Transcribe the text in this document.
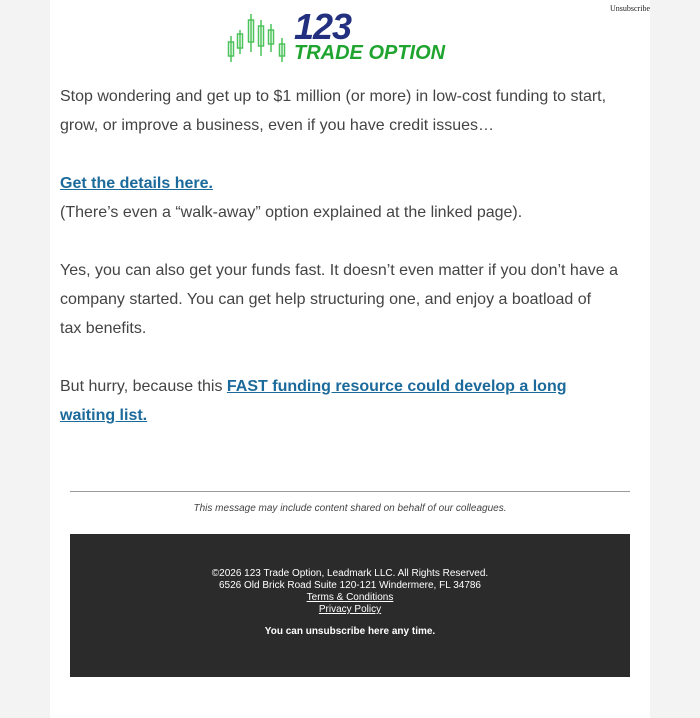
Unsubscribe
123
TRADE OPTION

Stop wondering and get up to $1 million (or more) in low-cost funding to start, grow, or improve a business, even if you have credit issues…

Get the details here.

(There’s even a “walk-away” option explained at the linked page).

Yes, you can also get your funds fast. It doesn’t even matter if you don’t have a

company started. You can get help structuring one, and enjoy a boatload of

tax benefits.

But hurry, because this FAST funding resource could develop a long waiting list.

This message may include content shared on behalf of our colleagues.
©2026 123 Trade Option, Leadmark LLC. All Rights Reserved.
6526 Old Brick Road Suite 120-121 Windermere, FL 34786
Terms & Conditions
Privacy Policy
You can unsubscribe here any time.
